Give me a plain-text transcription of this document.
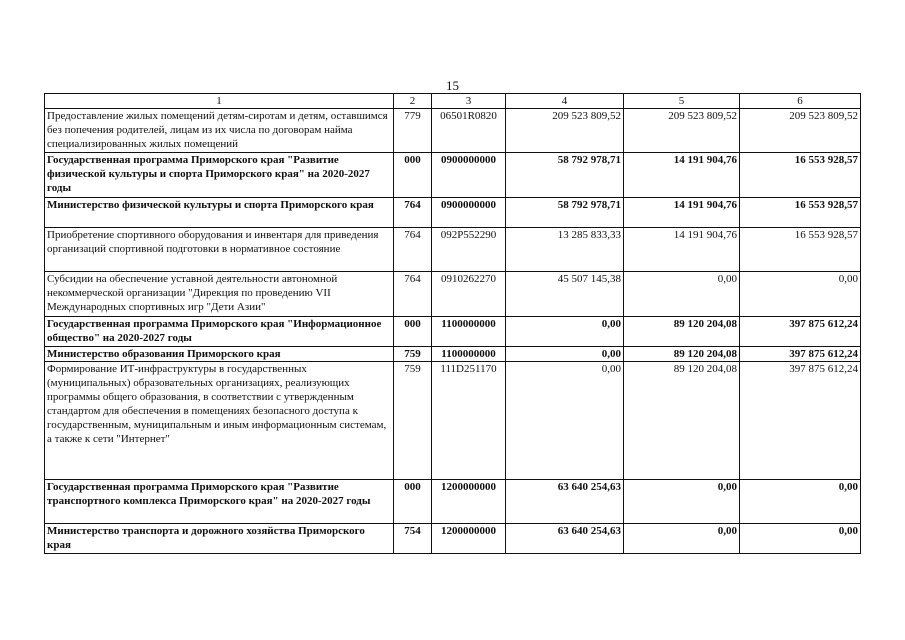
15
1	2	3	4	5	6
Предоставление жилых помещений детям-сиротам и детям, оставшимся без попечения родителей, лицам из их числа по договорам найма специализированных жилых помещений	779	06501R0820	209 523 809,52	209 523 809,52	209 523 809,52
Государственная программа Приморского края "Развитие физической культуры и спорта Приморского края" на 2020-2027 годы	000	0900000000	58 792 978,71	14 191 904,76	16 553 928,57
Министерство физической культуры и спорта Приморского края	764	0900000000	58 792 978,71	14 191 904,76	16 553 928,57
Приобретение спортивного оборудования и инвентаря для приведения организаций спортивной подготовки в нормативное состояние	764	092P552290	13 285 833,33	14 191 904,76	16 553 928,57
Субсидии на обеспечение уставной деятельности автономной некоммерческой организации "Дирекция по проведению VII Международных спортивных игр "Дети Азии"	764	0910262270	45 507 145,38	0,00	0,00
Государственная программа Приморского края "Информационное общество" на 2020-2027 годы	000	1100000000	0,00	89 120 204,08	397 875 612,24
Министерство образования Приморского края	759	1100000000	0,00	89 120 204,08	397 875 612,24
Формирование ИТ-инфраструктуры в государственных (муниципальных) образовательных организациях, реализующих программы общего образования, в соответствии с утвержденным стандартом для обеспечения в помещениях безопасного доступа к государственным, муниципальным и иным информационным системам, а также к сети "Интернет"	759	111D251170	0,00	89 120 204,08	397 875 612,24
Государственная программа Приморского края "Развитие транспортного комплекса Приморского края" на 2020-2027 годы	000	1200000000	63 640 254,63	0,00	0,00
Министерство транспорта и дорожного хозяйства Приморского края	754	1200000000	63 640 254,63	0,00	0,00
